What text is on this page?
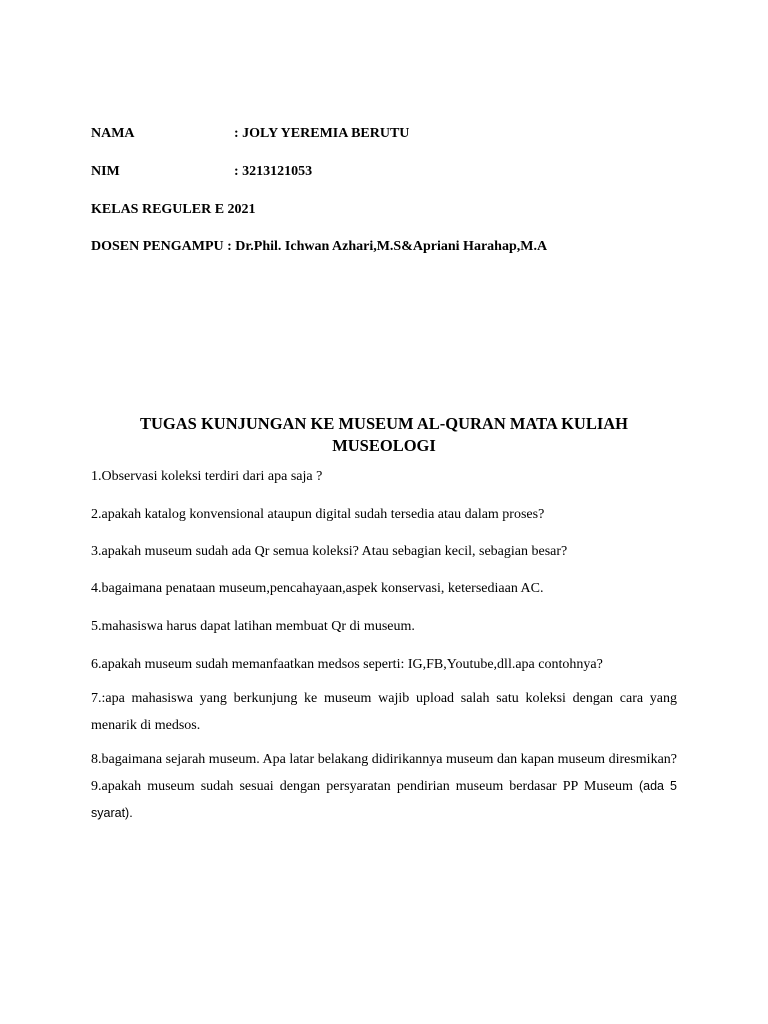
NAMA	: JOLY YEREMIA BERUTU
NIM	: 3213121053
KELAS REGULER E 2021
DOSEN PENGAMPU : Dr.Phil. Ichwan Azhari,M.S&Apriani Harahap,M.A
TUGAS KUNJUNGAN KE MUSEUM AL-QURAN MATA KULIAH
MUSEOLOGI
1.Observasi koleksi terdiri dari apa saja ?
2.apakah katalog konvensional ataupun digital sudah tersedia atau dalam proses?
3.apakah museum sudah ada Qr semua koleksi? Atau sebagian kecil, sebagian besar?
4.bagaimana penataan museum,pencahayaan,aspek konservasi, ketersediaan AC.
5.mahasiswa harus dapat latihan membuat Qr di museum.
6.apakah museum sudah memanfaatkan medsos seperti: IG,FB,Youtube,dll.apa contohnya?
7.:apa mahasiswa yang berkunjung ke museum wajib upload salah satu koleksi dengan cara yang menarik di medsos.
8.bagaimana sejarah museum. Apa latar belakang didirikannya museum dan kapan museum diresmikan? 9.apakah museum sudah sesuai dengan persyaratan pendirian museum berdasar PP Museum (ada 5 syarat).
